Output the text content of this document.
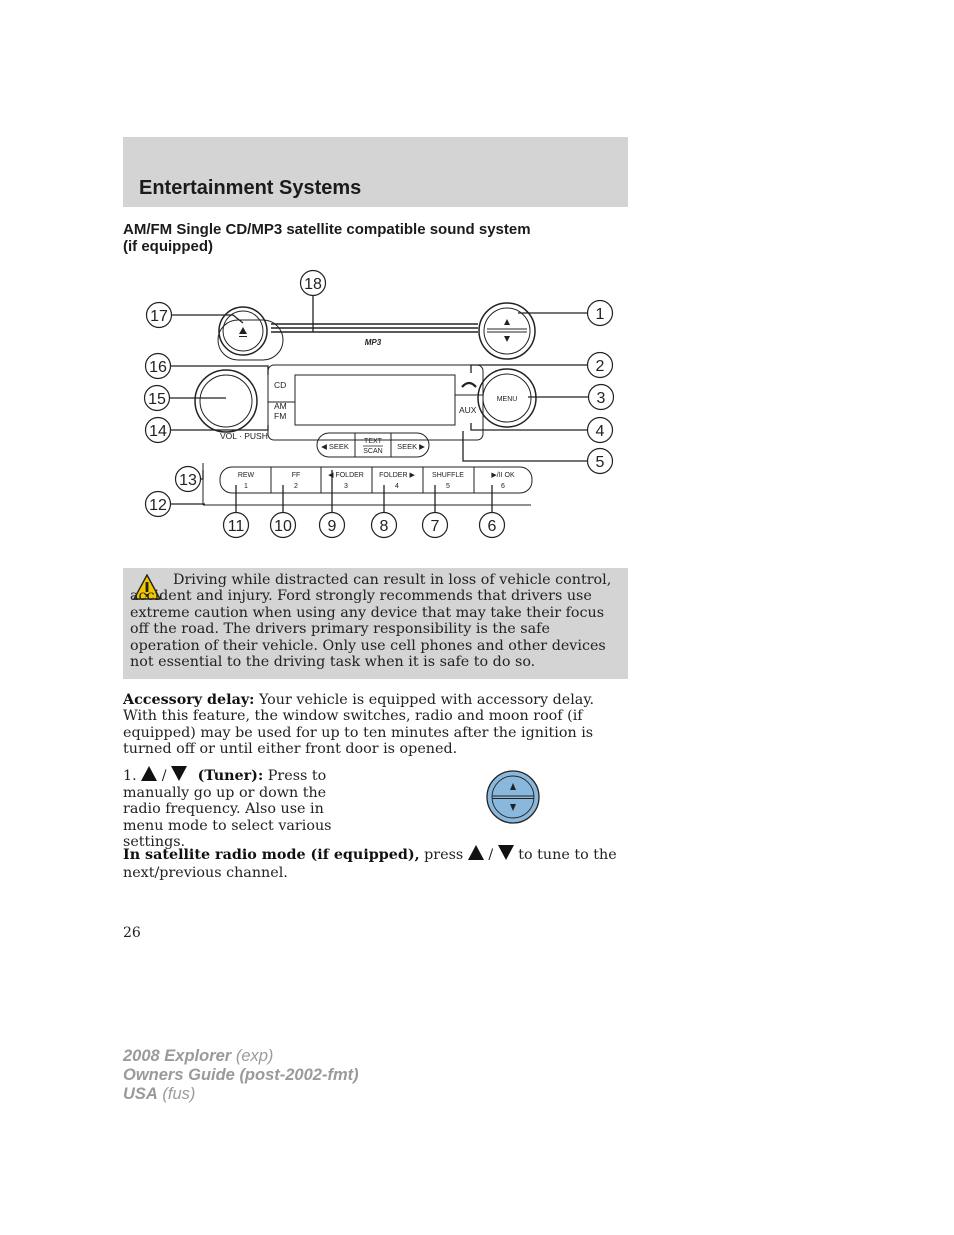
Entertainment Systems
AM/FM Single CD/MP3 satellite compatible sound system
(if equipped)
MP3
CD
AM
FM
AUX
VOL · PUSH
MENU
◀ SEEK
TEXT
SCAN
SEEK ▶
REW
1
FF
2
◀ FOLDER
3
FOLDER ▶
4
SHUFFLE
5
▶/II OK
6
18
17	1
16	2
15	3
14	4
5
13
12
11 10 9	8	7	6
Driving while distracted can result in loss of vehicle control, accident and injury. Ford strongly recommends that drivers use extreme caution when using any device that may take their focus off the road. The drivers primary responsibility is the safe operation of their vehicle. Only use cell phones and other devices not essential to the driving task when it is safe to do so.
Accessory delay: Your vehicle is equipped with accessory delay. With this feature, the window switches, radio and moon roof (if equipped) may be used for up to ten minutes after the ignition is turned off or until either front door is opened.
1. / (Tuner): Press to
manually go up or down the radio frequency. Also use in menu mode to select various settings.
In satellite radio mode (if equipped), press  /  to tune to the
next/previous channel.
26
2008 Explorer (exp)
Owners Guide (post-2002-fmt)
USA (fus)
